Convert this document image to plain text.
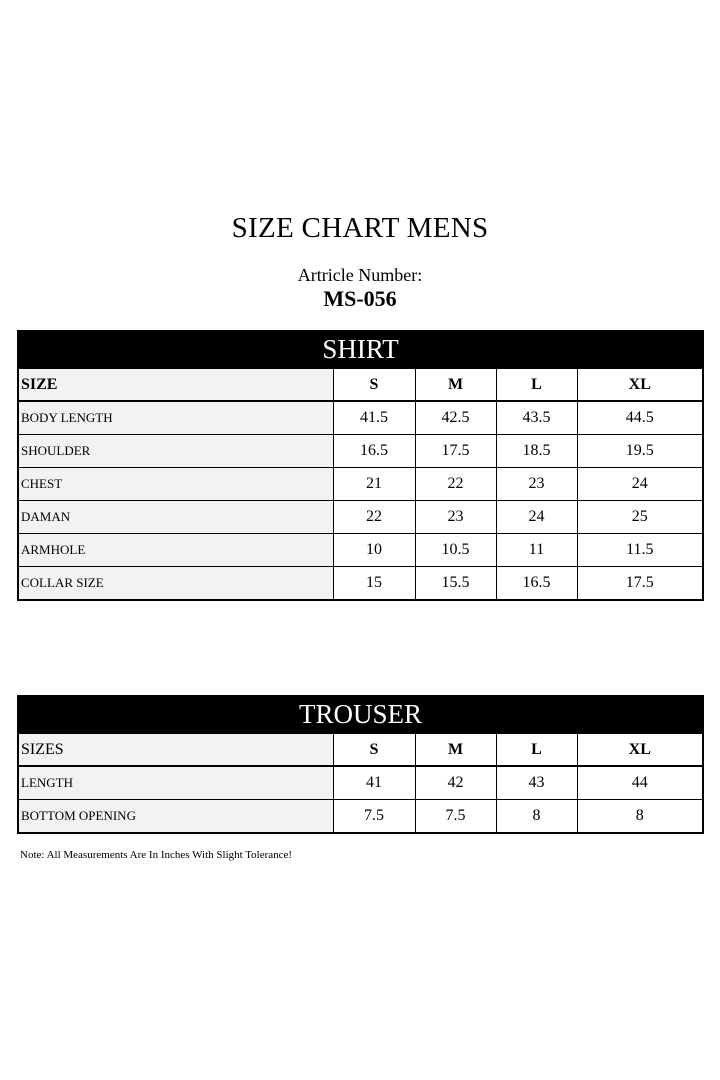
SIZE CHART MENS
Artricle Number:
MS-056
SHIRT				
SIZE	S	M	L	XL
BODY LENGTH	41.5	42.5	43.5	44.5
SHOULDER	16.5	17.5	18.5	19.5
CHEST	21	22	23	24
DAMAN	22	23	24	25
ARMHOLE	10	10.5	11	11.5
COLLAR SIZE	15	15.5	16.5	17.5
TROUSER				
SIZES	S	M	L	XL
LENGTH	41	42	43	44
BOTTOM OPENING	7.5	7.5	8	8
Note: All Measurements Are In Inches With Slight Tolerance!
